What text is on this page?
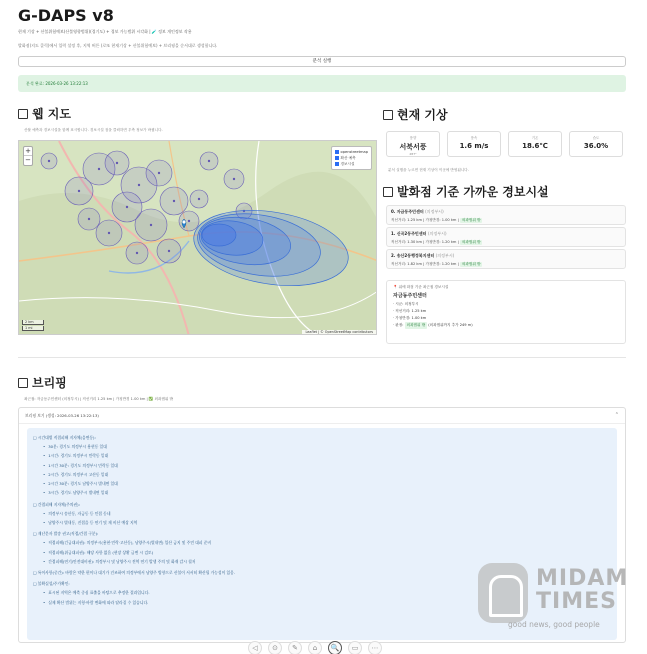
G-DAPS v8
현재 기상 + 산불위험예보(산불영향범위)(경기도) + 경보 가능범위 시각화 | 🧪 정보 개인정보 작용
발화점(지도 클릭)에서 입력 설정 후, 지역 버튼 (로또 현재기상 + 산불위험예보) + 브리핑을 순서대로 생성합니다.
분석 실행
분석 완료: 2026-03-26 13:22:13
웹 지도
산불 예측과 경보시설을 함께 표시합니다. 경보시설 점을 클릭하면 우측 정보가 바뀝니다.
+
−
openstreetmap
확산 예측
경보시설
2 km
1 mi
Leaflet | © OpenStreetMap contributors
현재 기상
풍향
서북서풍
287°
풍속
1.6 m/s
기온
18.6℃
습도
36.0%
분석 실행을 누르면 현재 기상이 이곳에 반영됩니다.
발화점 기준 가까운 경보시설
0. 자금동주민센터 (의정부시)
직선거리: 1.25 km | 가청반경: 1.00 km | 외곽범위 밖
1. 신곡2동주민센터 (의정부시)
직선거리: 1.30 km | 가청반경: 1.20 km | 외곽범위 밖
2. 송산2동행정복지센터 (의정부시)
직선거리: 1.82 km | 가청반경: 1.20 km | 외곽범위 밖
📍 위에 화점 기준 최근접 경보시설
자금동주민센터
· 시군: 의정부시
· 직선거리: 1.25 km
· 가청반경: 1.00 km
· 판정: 외곽범위 밖 (외곽범위까지 추가 249 m)
브리핑
최근접: 자금동주민센터 (의정부시) | 직선거리 1.25 km | 가청반경 1.00 km | ✅ 외곽범위 밖
브리핑 보기 (생성: 2026-03-26 13:22:13)	⌃
□ 시간대별 직접피해 지자체(읍면동):
• 30분: 경기도 의정부시 용현동 일대
• 1시간: 경기도 의정부시 민락동 일대
• 1시간 30분: 경기도 의정부시 민락동 일대
• 2시간: 경기도 의정부시 고산동 일대
• 2시간 30분: 경기도 남양주시 별내면 일대
• 3시간: 경기도 남양주시 별내면 일대
□ 간접피해 지자체(주의권):
• 의정부시 송산동, 자금동 등 인접 동네
• 남양주시 별내동, 진접읍 등 연기 및 재 비산 예상 지역
□ 재난문자 발송 권고(직접/간접 구분):
• 직접피해(긴급대피권): 의정부시(용현·민락·고산동), 남양주시(별내면) 입산 금지 및 주민 대피 준비
• 직접피해(위급대피권): 해당 사항 없음 (현장 상황 급변 시 검토)
• 간접피해(연기/안전대비권): 의정부시 및 남양주시 전역 연기 발생 주의 및 화재 감시 철저
□ 특이사항(중간): 바람은 약한 편이나 대기가 건조하여 의정부에서 남양주 방향으로 산불이 서서히 확산될 가능성이 있음.
□ 불확실성/주가확인:
• 표시된 지역은 예측 중심 표출을 바탕으로 추정한 결과입니다.
• 실제 확산 범위는 지형·바람 변화에 따라 달라질 수 있습니다.
MIDAM
TIMES
good news, good people
◁ ⊙ ✎ ⌂ 🔍 ▭ ⋯
